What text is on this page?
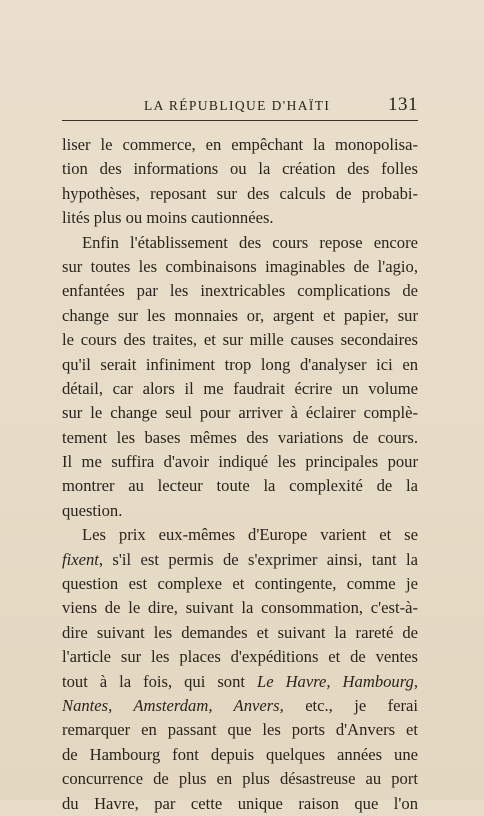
LA RÉPUBLIQUE D'HAÏTI	131
liser le commerce, en empêchant la monopolisa-
tion des informations ou la création des folles
hypothèses, reposant sur des calculs de probabi-
lités plus ou moins cautionnées.
Enfin l'établissement des cours repose encore
sur toutes les combinaisons imaginables de l'agio,
enfantées par les inextricables complications de
change sur les monnaies or, argent et papier, sur
le cours des traites, et sur mille causes secondaires
qu'il serait infiniment trop long d'analyser ici en
détail, car alors il me faudrait écrire un volume
sur le change seul pour arriver à éclairer complè-
tement les bases mêmes des variations de cours.
Il me suffira d'avoir indiqué les principales pour
montrer au lecteur toute la complexité de la
question.
Les prix eux-mêmes d'Europe varient et se
fixent, s'il est permis de s'exprimer ainsi, tant la
question est complexe et contingente, comme je
viens de le dire, suivant la consommation, c'est-à-
dire suivant les demandes et suivant la rareté de
l'article sur les places d'expéditions et de ventes
tout à la fois, qui sont Le Havre, Hambourg,
Nantes, Amsterdam, Anvers, etc., je ferai
remarquer en passant que les ports d'Anvers et
de Hambourg font depuis quelques années une
concurrence de plus en plus désastreuse au port
du Havre, par cette unique raison que l'on
